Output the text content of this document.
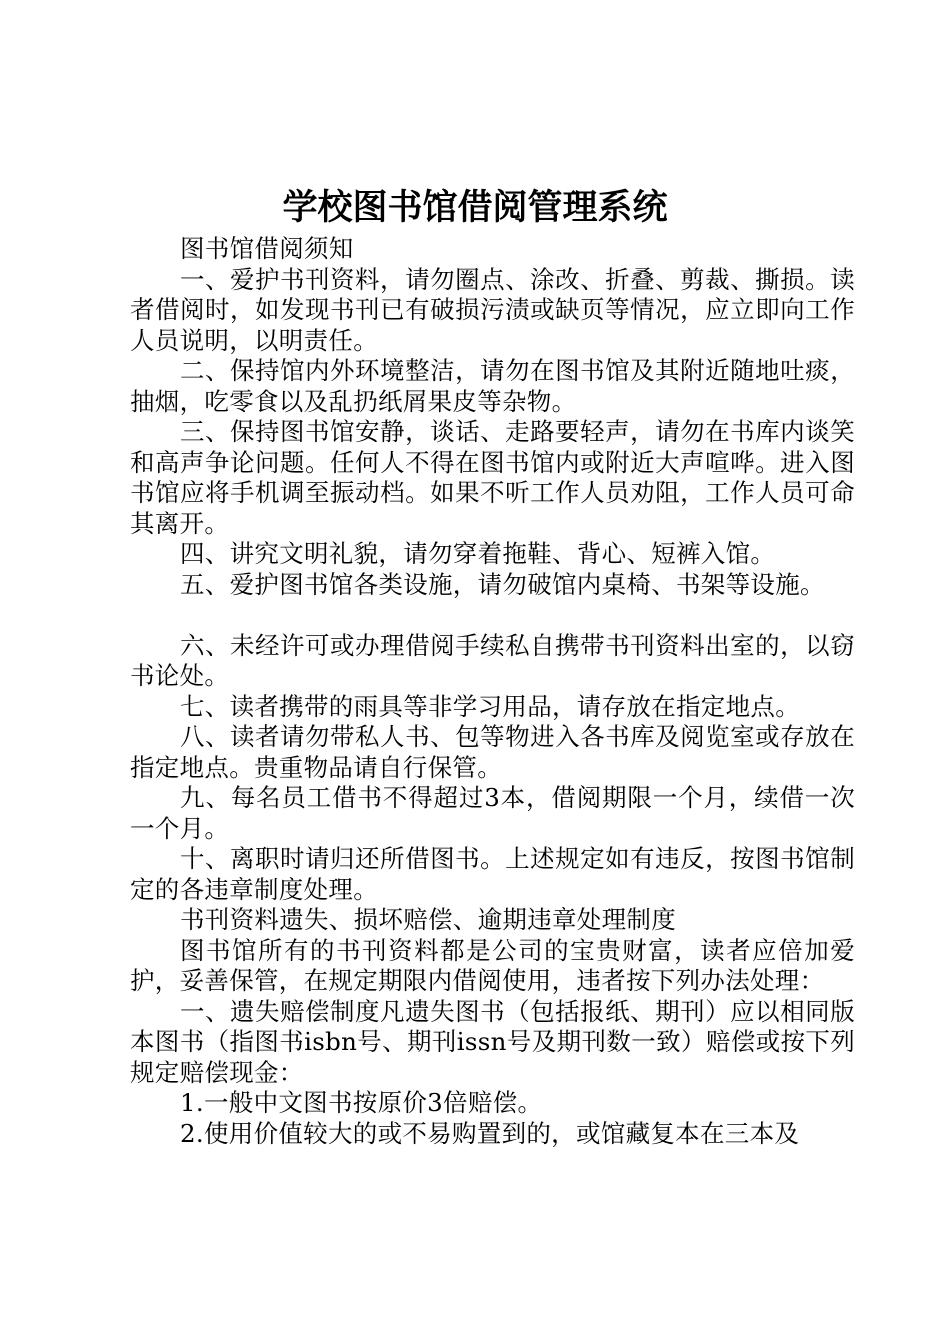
学校图书馆借阅管理系统

图书馆借阅须知

一、爱护书刊资料，请勿圈点、涂改、折叠、剪裁、撕损。读者借阅时，如发现书刊已有破损污渍或缺页等情况，应立即向工作人员说明，以明责任。

二、保持馆内外环境整洁，请勿在图书馆及其附近随地吐痰，抽烟，吃零食以及乱扔纸屑果皮等杂物。

三、保持图书馆安静，谈话、走路要轻声，请勿在书库内谈笑和高声争论问题。任何人不得在图书馆内或附近大声喧哗。进入图书馆应将手机调至振动档。如果不听工作人员劝阻，工作人员可命其离开。

四、讲究文明礼貌，请勿穿着拖鞋、背心、短裤入馆。

五、爱护图书馆各类设施，请勿破馆内桌椅、书架等设施。

六、未经许可或办理借阅手续私自携带书刊资料出室的，以窃书论处。

七、读者携带的雨具等非学习用品，请存放在指定地点。

八、读者请勿带私人书、包等物进入各书库及阅览室或存放在指定地点。贵重物品请自行保管。

九、每名员工借书不得超过3本，借阅期限一个月，续借一次一个月。

十、离职时请归还所借图书。上述规定如有违反，按图书馆制定的各违章制度处理。

书刊资料遗失、损坏赔偿、逾期违章处理制度

图书馆所有的书刊资料都是公司的宝贵财富，读者应倍加爱护，妥善保管，在规定期限内借阅使用，违者按下列办法处理：

一、遗失赔偿制度凡遗失图书（包括报纸、期刊）应以相同版本图书（指图书isbn号、期刊issn号及期刊数一致）赔偿或按下列规定赔偿现金：

1.一般中文图书按原价3倍赔偿。

2.使用价值较大的或不易购置到的，或馆藏复本在三本及
